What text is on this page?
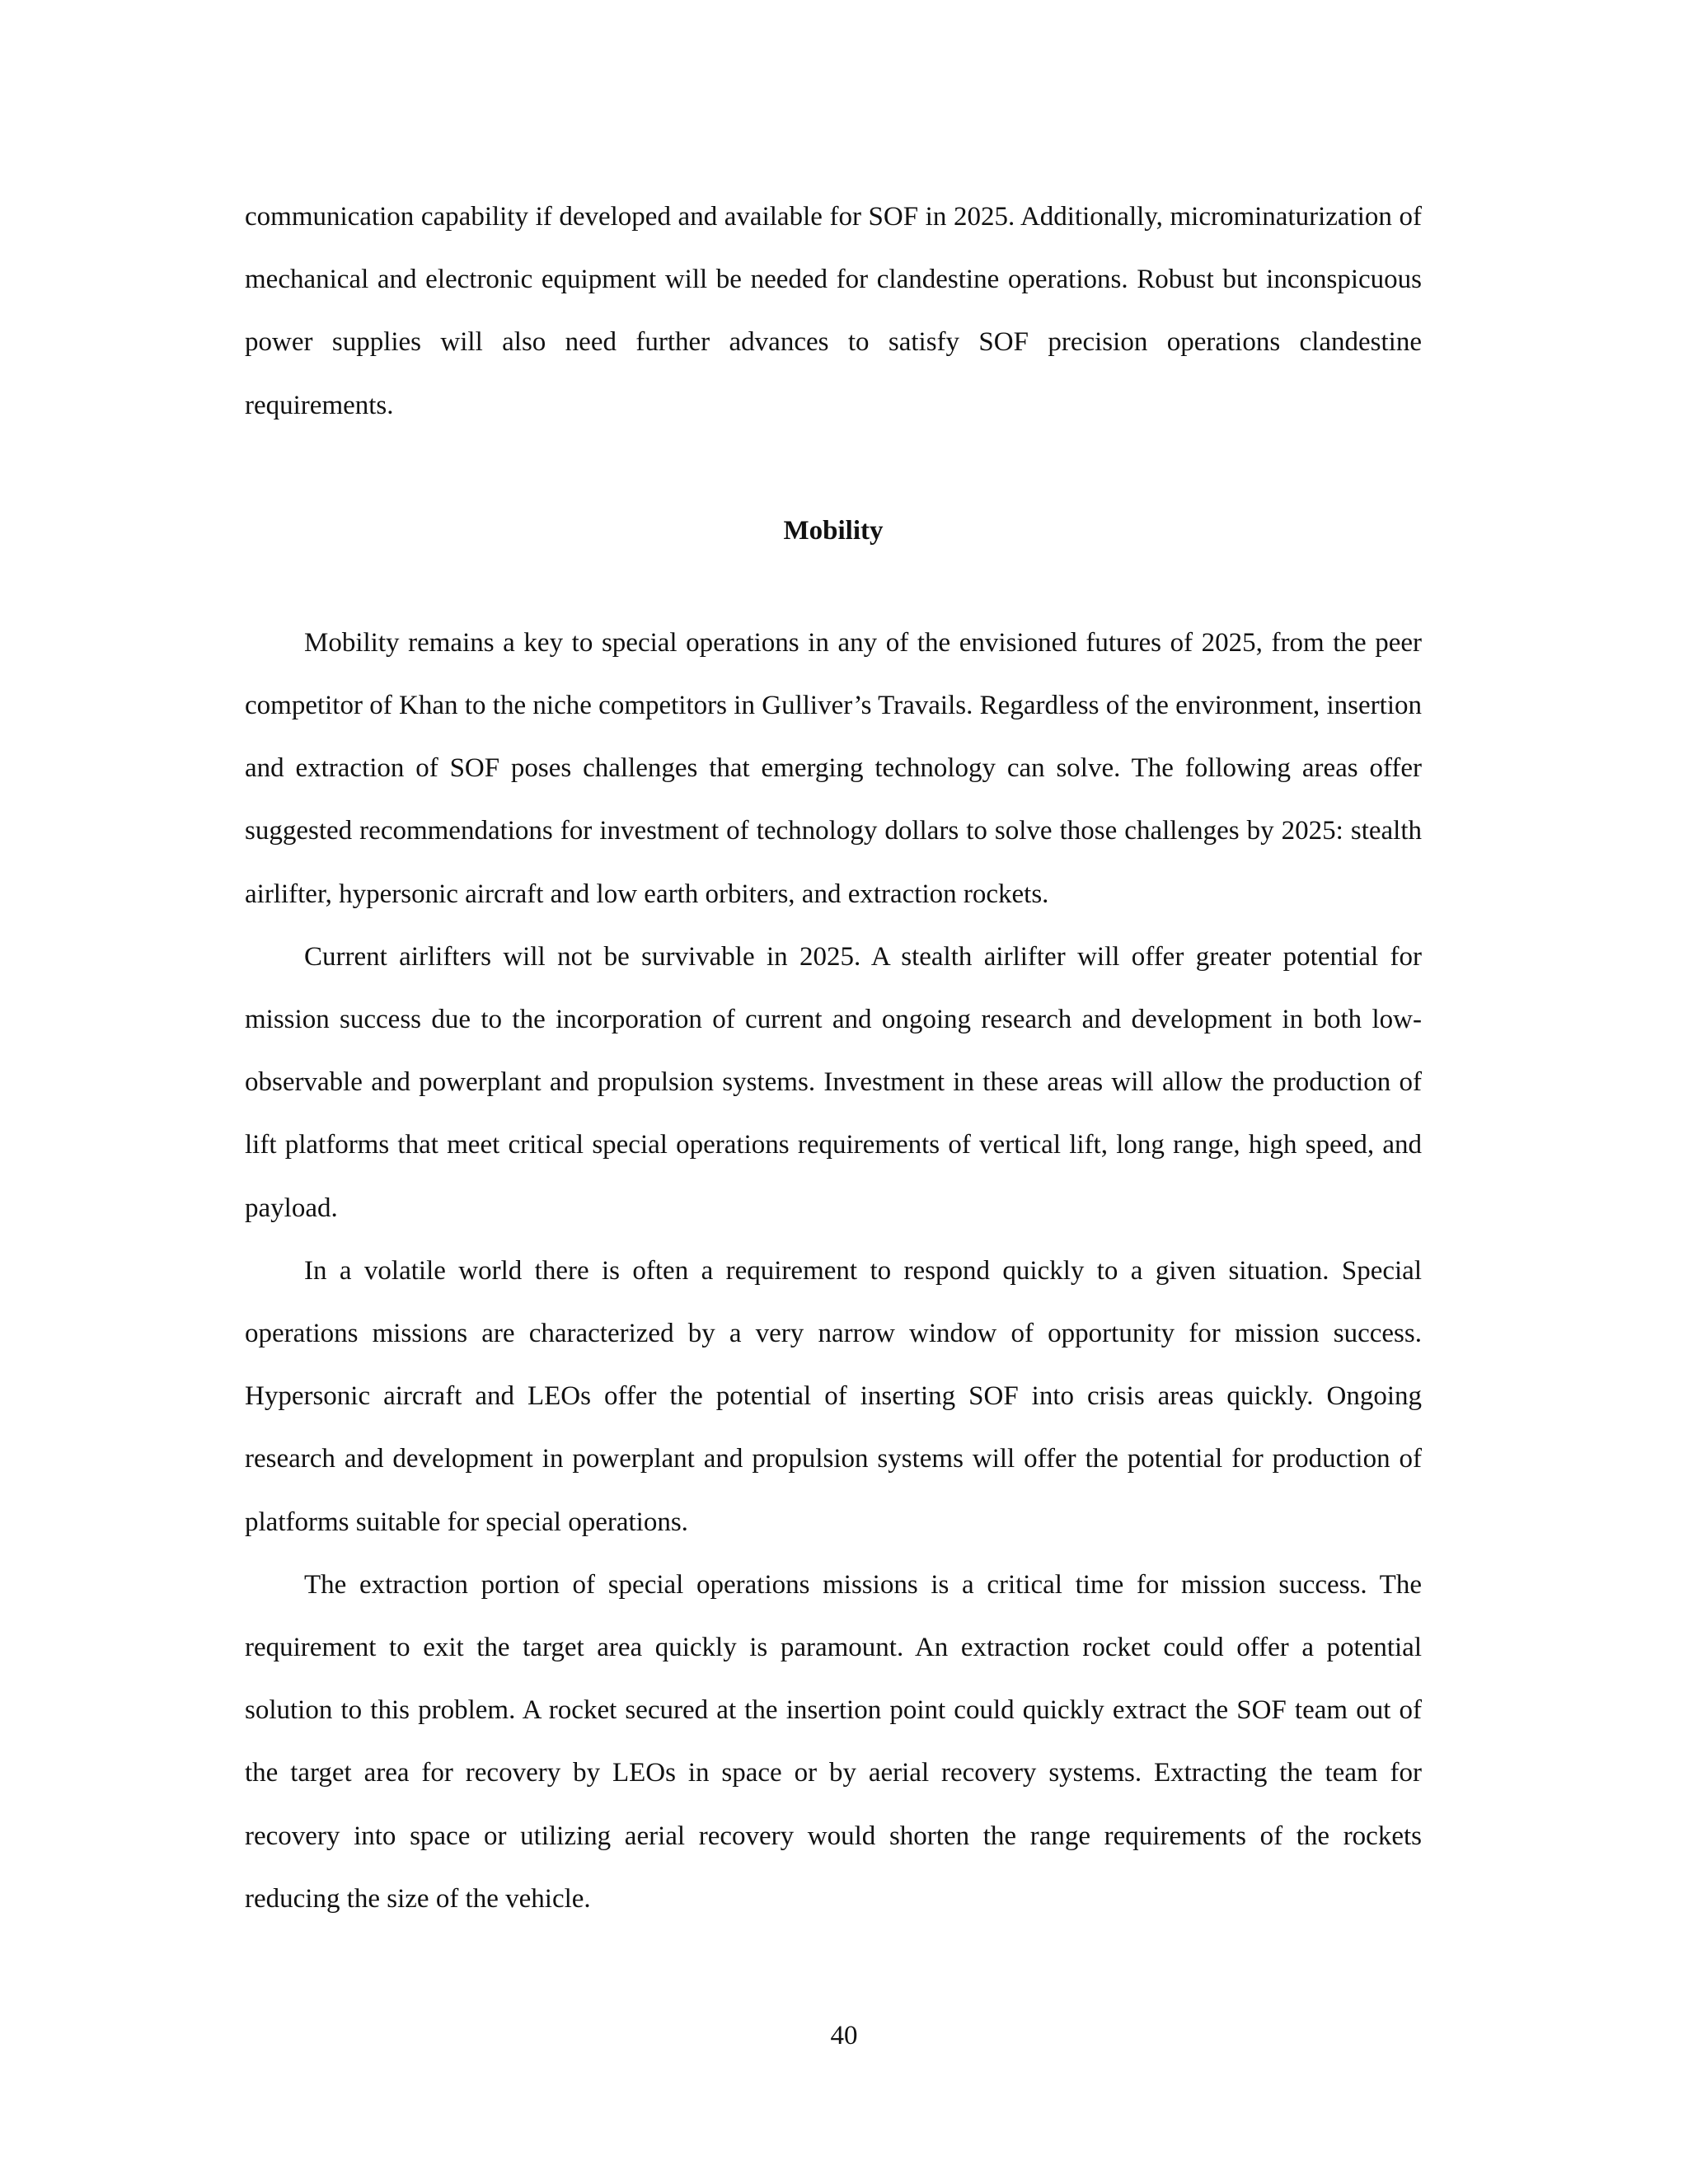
communication capability if developed and available for SOF in 2025. Additionally, microminaturization of mechanical and electronic equipment will be needed for clandestine operations. Robust but inconspicuous power supplies will also need further advances to satisfy SOF precision operations clandestine requirements.

Mobility

Mobility remains a key to special operations in any of the envisioned futures of 2025, from the peer competitor of Khan to the niche competitors in Gulliver’s Travails. Regardless of the environment, insertion and extraction of SOF poses challenges that emerging technology can solve. The following areas offer suggested recommendations for investment of technology dollars to solve those challenges by 2025: stealth airlifter, hypersonic aircraft and low earth orbiters, and extraction rockets.

Current airlifters will not be survivable in 2025. A stealth airlifter will offer greater potential for mission success due to the incorporation of current and ongoing research and development in both low-observable and powerplant and propulsion systems. Investment in these areas will allow the production of lift platforms that meet critical special operations requirements of vertical lift, long range, high speed, and payload.

In a volatile world there is often a requirement to respond quickly to a given situation. Special operations missions are characterized by a very narrow window of opportunity for mission success. Hypersonic aircraft and LEOs offer the potential of inserting SOF into crisis areas quickly. Ongoing research and development in powerplant and propulsion systems will offer the potential for production of platforms suitable for special operations.

The extraction portion of special operations missions is a critical time for mission success. The requirement to exit the target area quickly is paramount. An extraction rocket could offer a potential solution to this problem. A rocket secured at the insertion point could quickly extract the SOF team out of the target area for recovery by LEOs in space or by aerial recovery systems. Extracting the team for recovery into space or utilizing aerial recovery would shorten the range requirements of the rockets reducing the size of the vehicle.

40
